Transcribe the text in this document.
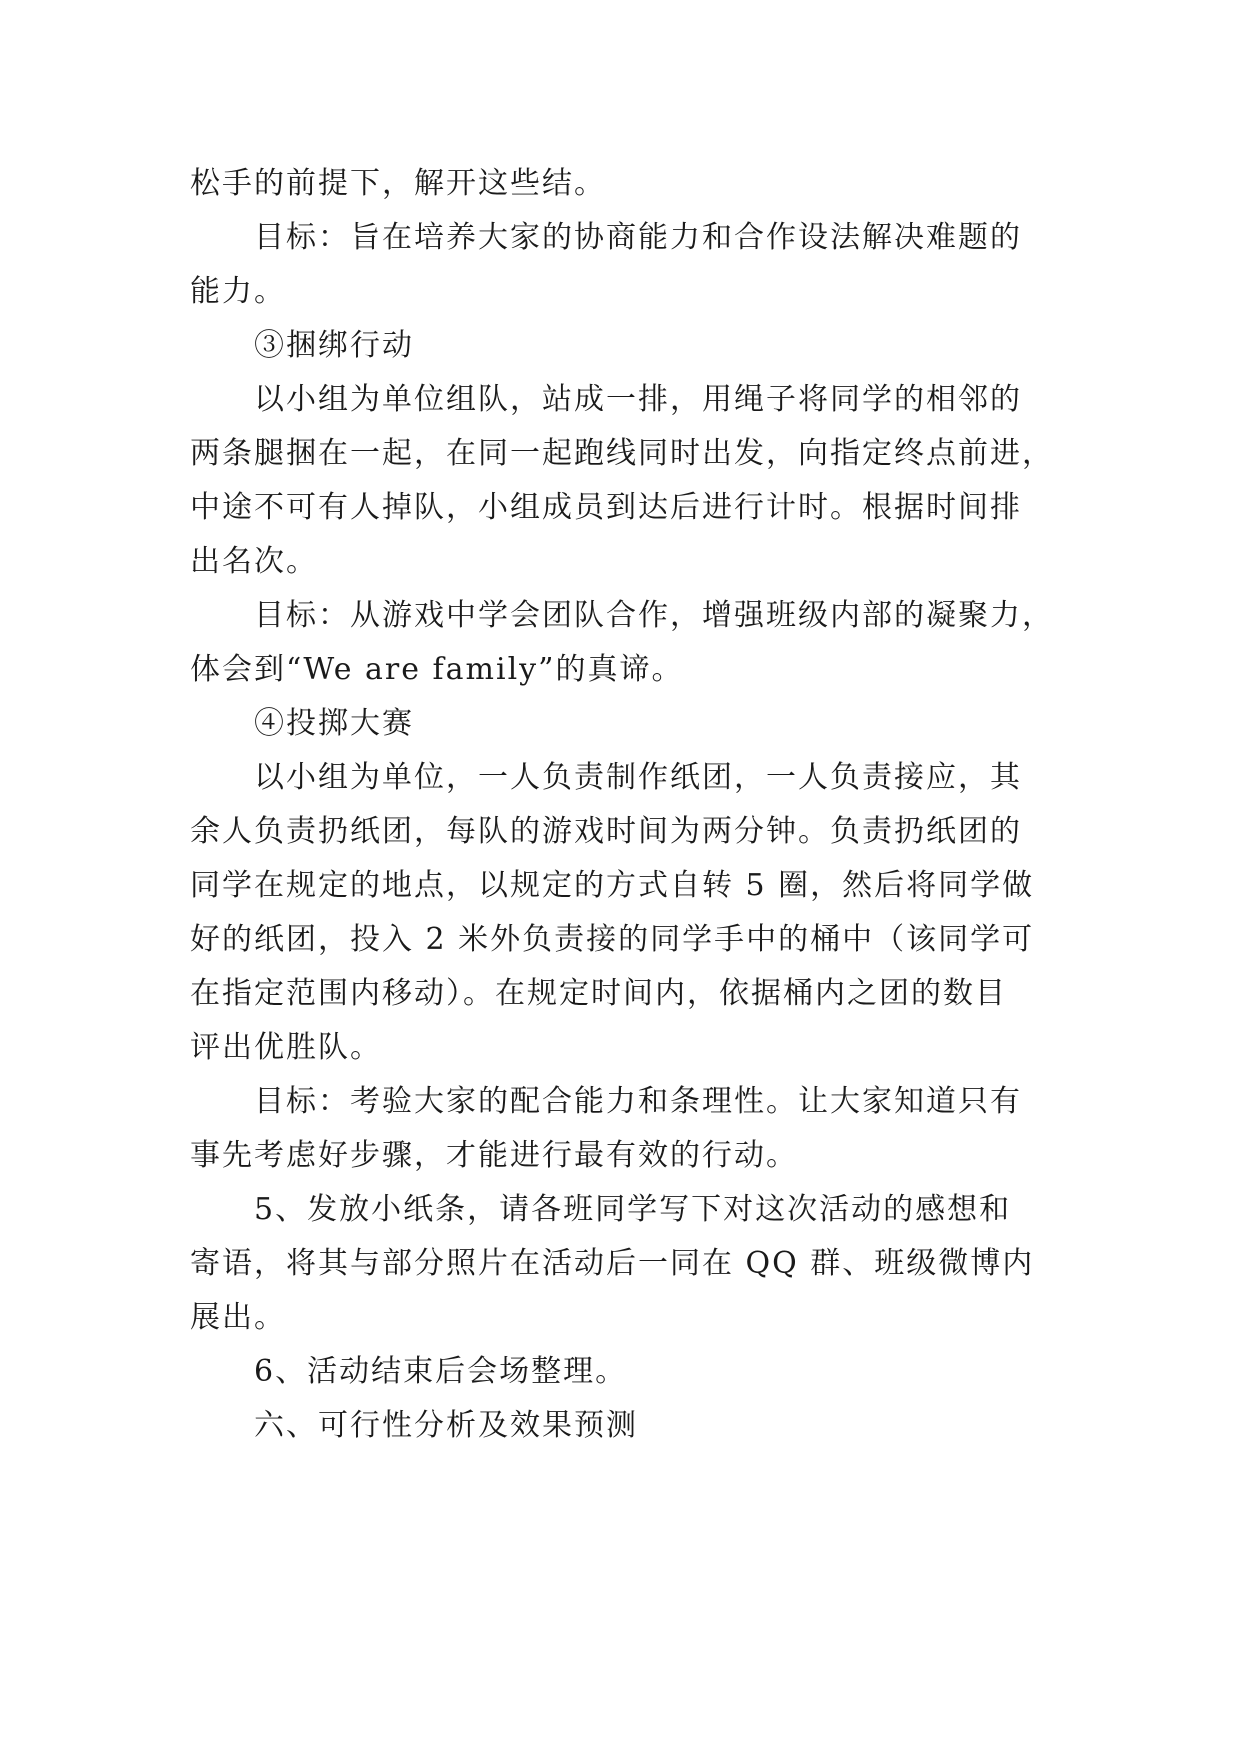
松手的前提下，解开这些结。
目标：旨在培养大家的协商能力和合作设法解决难题的
能力。
③捆绑行动
以小组为单位组队，站成一排，用绳子将同学的相邻的
两条腿捆在一起，在同一起跑线同时出发，向指定终点前进，
中途不可有人掉队，小组成员到达后进行计时。根据时间排
出名次。
目标：从游戏中学会团队合作，增强班级内部的凝聚力，
体会到“We are family”的真谛。
④投掷大赛
以小组为单位，一人负责制作纸团，一人负责接应，其
余人负责扔纸团，每队的游戏时间为两分钟。负责扔纸团的
同学在规定的地点，以规定的方式自转 5 圈，然后将同学做
好的纸团，投入 2 米外负责接的同学手中的桶中（该同学可
在指定范围内移动）。在规定时间内，依据桶内之团的数目
评出优胜队。
目标：考验大家的配合能力和条理性。让大家知道只有
事先考虑好步骤，才能进行最有效的行动。
5、发放小纸条，请各班同学写下对这次活动的感想和
寄语，将其与部分照片在活动后一同在 QQ 群、班级微博内
展出。
6、活动结束后会场整理。
六、可行性分析及效果预测
